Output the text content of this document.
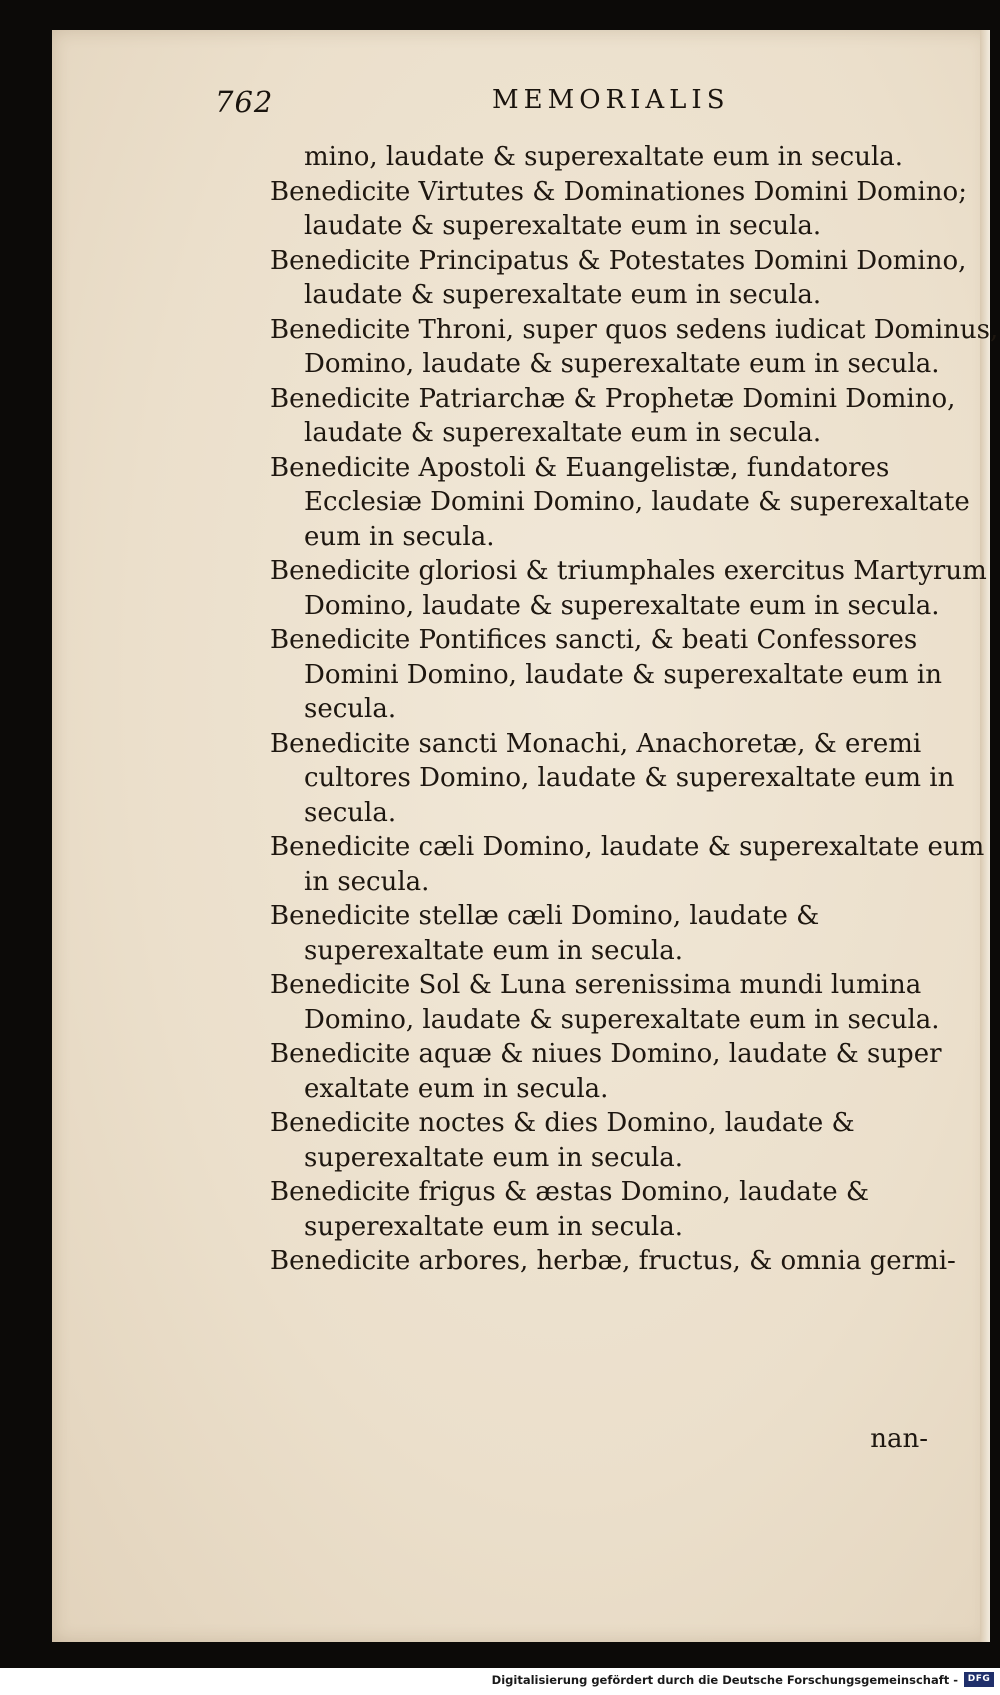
762	MEMORIALIS

mino, laudate & superexaltate eum in secula.

Benedicite Virtutes & Dominationes Domini Domino; laudate & superexaltate eum in secula.

Benedicite Principatus & Potestates Domini Domino, laudate & superexaltate eum in secula.

Benedicite Throni, super quos sedens iudicat Dominus, Domino, laudate & superexaltate eum in secula.

Benedicite Patriarchæ & Prophetæ Domini Domino, laudate & superexaltate eum in secula.

Benedicite Apostoli & Euangelistæ, fundatores Ecclesiæ Domini Domino, laudate & superexaltate eum in secula.

Benedicite gloriosi & triumphales exercitus Martyrum Domino, laudate & superexaltate eum in secula.

Benedicite Pontifices sancti, & beati Confessores Domini Domino, laudate & superexaltate eum in secula.

Benedicite sancti Monachi, Anachoretæ, & eremi cultores Domino, laudate & superexaltate eum in secula.

Benedicite cæli Domino, laudate & superexaltate eum in secula.

Benedicite stellæ cæli Domino, laudate & superexaltate eum in secula.

Benedicite Sol & Luna serenissima mundi lumina Domino, laudate & superexaltate eum in secula.

Benedicite aquæ & niues Domino, laudate & super exaltate eum in secula.

Benedicite noctes & dies Domino, laudate & superexaltate eum in secula.

Benedicite frigus & æstas Domino, laudate & superexaltate eum in secula.

Benedicite arbores, herbæ, fructus, & omnia germi-

nan-
Digitalisierung gefördert durch die Deutsche Forschungsgemeinschaft -	DFG
